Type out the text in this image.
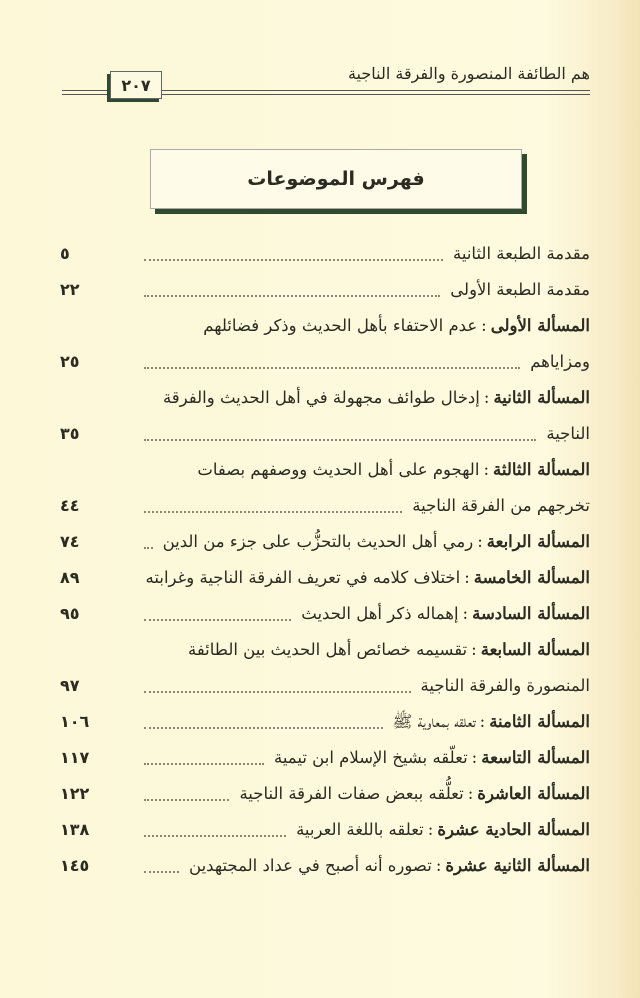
هم الطائفة المنصورة والفرقة الناجية
٢٠٧
فهرس الموضوعات
مقدمة الطبعة الثانية
٥
مقدمة الطبعة الأولى
٢٢
المسألة الأولى
:
عدم الاحتفاء بأهل الحديث وذكر فضائلهم
ومزاياهم
٢٥
المسألة الثانية
:
إدخال طوائف مجهولة في أهل الحديث والفرقة
الناجية
٣٥
المسألة الثالثة
:
الهجوم على أهل الحديث ووصفهم بصفات
تخرجهم من الفرقة الناجية
٤٤
المسألة الرابعة
:
رمي أهل الحديث بالتحزُّب على جزء من الدين
٧٤
المسألة الخامسة
:
اختلاف كلامه في تعريف الفرقة الناجية وغرابته
٨٩
المسألة السادسة
:
إهماله ذكر أهل الحديث
٩٥
المسألة السابعة
:
تقسيمه خصائص أهل الحديث بين الطائفة
المنصورة والفرقة الناجية
٩٧
المسألة الثامنة
:
تعلقه بمعاوية ﷺ
١٠٦
المسألة التاسعة
:
تعلّقه بشيخ الإسلام ابن تيمية
١١٧
المسألة العاشرة
:
تعلُّقه ببعض صفات الفرقة الناجية
١٢٢
المسألة الحادية عشرة
:
تعلقه باللغة العربية
١٣٨
المسألة الثانية عشرة
:
تصوره أنه أصبح في عداد المجتهدين
١٤٥
